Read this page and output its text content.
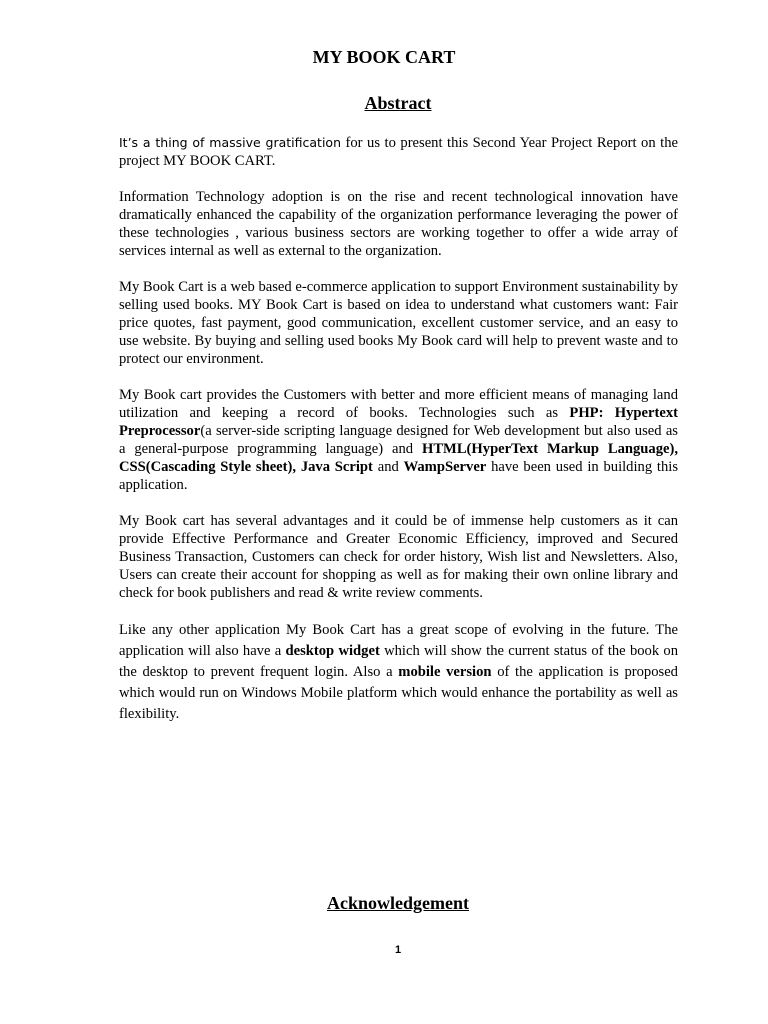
MY BOOK CART
Abstract

It’s a thing of massive gratification for us to present this Second Year Project Report on the project MY BOOK CART.

Information Technology adoption is on the rise and recent technological innovation have dramatically enhanced the capability of the organization performance leveraging the power of these technologies , various business sectors are working together to offer a wide array of services internal as well as external to the organization.

My Book Cart is a web based e-commerce application to support Environment sustainability by selling used books. MY Book Cart is based on idea to understand what customers want: Fair price quotes, fast payment, good communication, excellent customer service, and an easy to use website. By buying and selling used books My Book card will help to prevent waste and to protect our environment.

My Book cart provides the Customers with better and more efficient means of managing land utilization and keeping a record of books. Technologies such as PHP: Hypertext Preprocessor(a server-side scripting language designed for Web development but also used as a general-purpose programming language) and HTML(HyperText Markup Language), CSS(Cascading Style sheet), Java Script and WampServer have been used in building this application.

My Book cart has several advantages and it could be of immense help customers as it can provide Effective Performance and Greater Economic Efficiency, improved and Secured Business Transaction, Customers can check for order history, Wish list and Newsletters. Also, Users can create their account for shopping as well as for making their own online library and check for book publishers and read & write review comments.

Like any other application My Book Cart has a great scope of evolving in the future. The application will also have a desktop widget which will show the current status of the book on the desktop to prevent frequent login. Also a mobile version of the application is proposed which would run on Windows Mobile platform which would enhance the portability as well as flexibility.

Acknowledgement
1
